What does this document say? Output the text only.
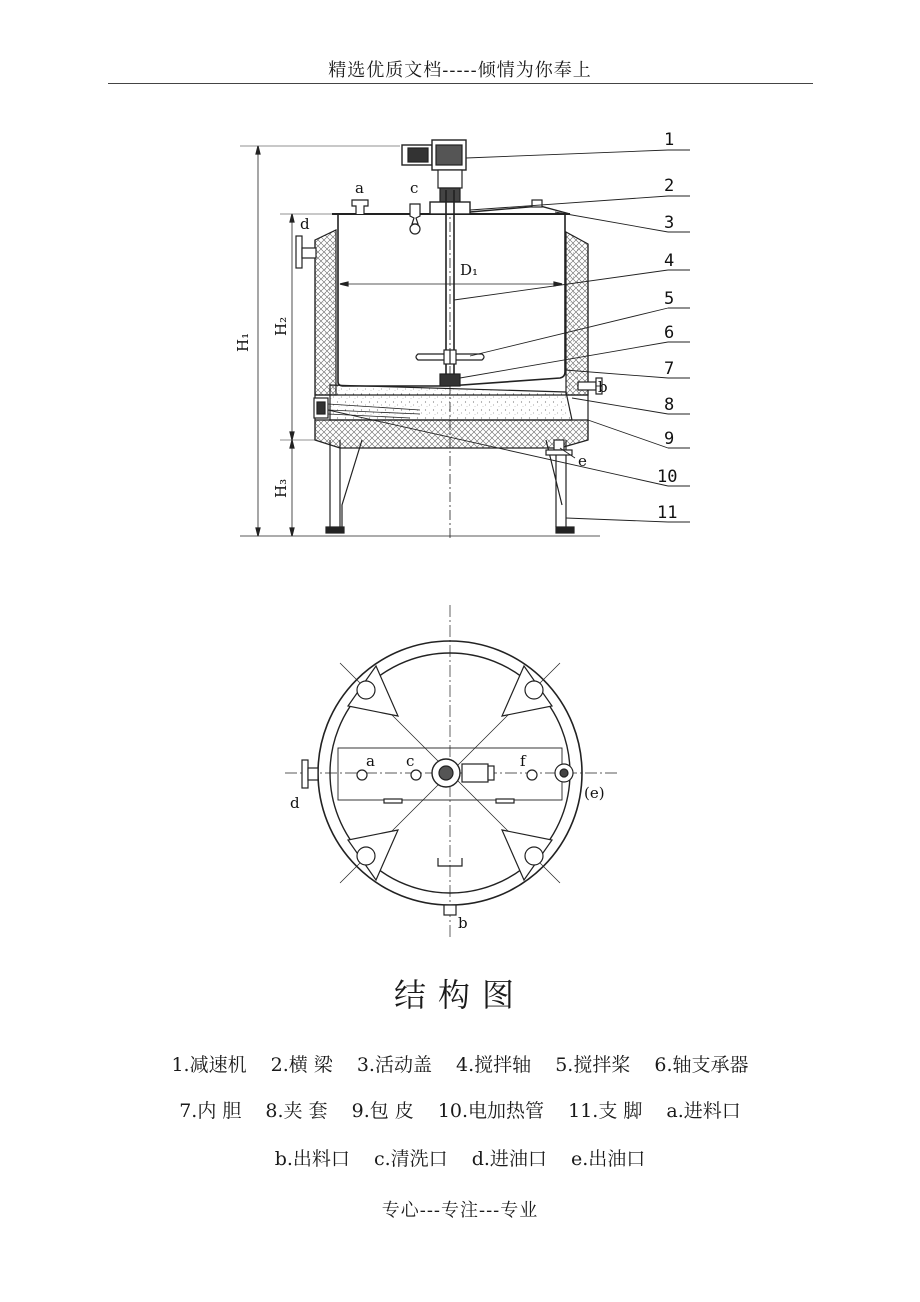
精选优质文档-----倾情为你奉上
1
2
3
4
5
6
7
8
9
10
11
a	c
d
b
e
H₁
H₂
H₃
D₁
a c	f
d
b
(e)
结构图
1.减速机 2.横 梁 3.活动盖 4.搅拌轴 5.搅拌桨 6.轴支承器
7.内 胆 8.夹 套 9.包 皮 10.电加热管 11.支 脚 a.进料口
b.出料口 c.清洗口 d.进油口 e.出油口
专心---专注---专业
